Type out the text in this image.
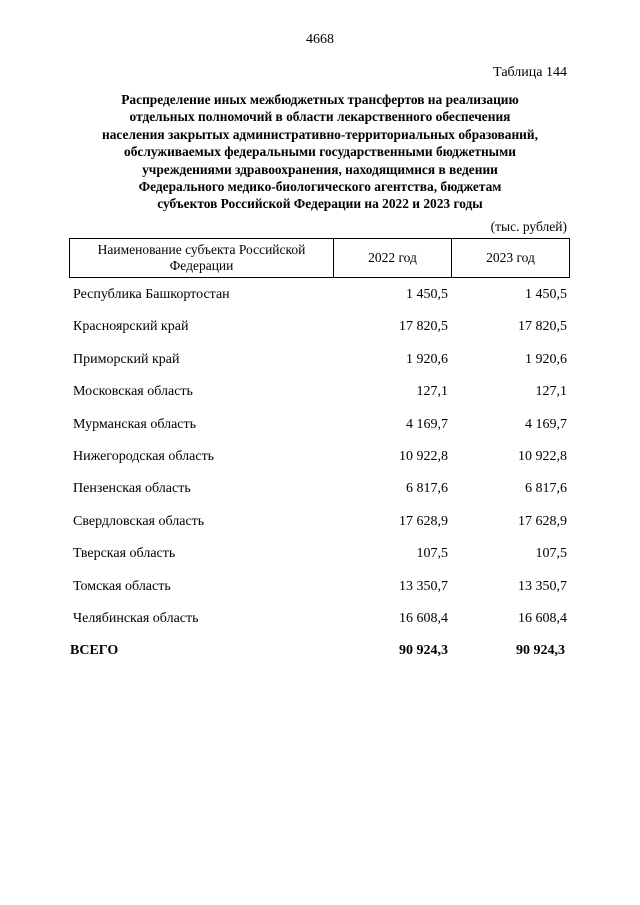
4668
Таблица 144
Распределение иных межбюджетных трансфертов на реализацию
отдельных полномочий в области лекарственного обеспечения
населения закрытых административно-территориальных образований,
обслуживаемых федеральными государственными бюджетными
учреждениями здравоохранения, находящимися в ведении
Федерального медико-биологического агентства, бюджетам
субъектов Российской Федерации на 2022 и 2023 годы
(тыс. рублей)
Наименование субъекта Российской
Федерации
2022 год	2023 год
Республика Башкортостан	1 450,5	1 450,5
Красноярский край	17 820,5	17 820,5
Приморский край	1 920,6	1 920,6
Московская область	127,1	127,1
Мурманская область	4 169,7	4 169,7
Нижегородская область	10 922,8	10 922,8
Пензенская область	6 817,6	6 817,6
Свердловская область	17 628,9	17 628,9
Тверская область	107,5	107,5
Томская область	13 350,7	13 350,7
Челябинская область	16 608,4	16 608,4
ВСЕГО	90 924,3	90 924,3
